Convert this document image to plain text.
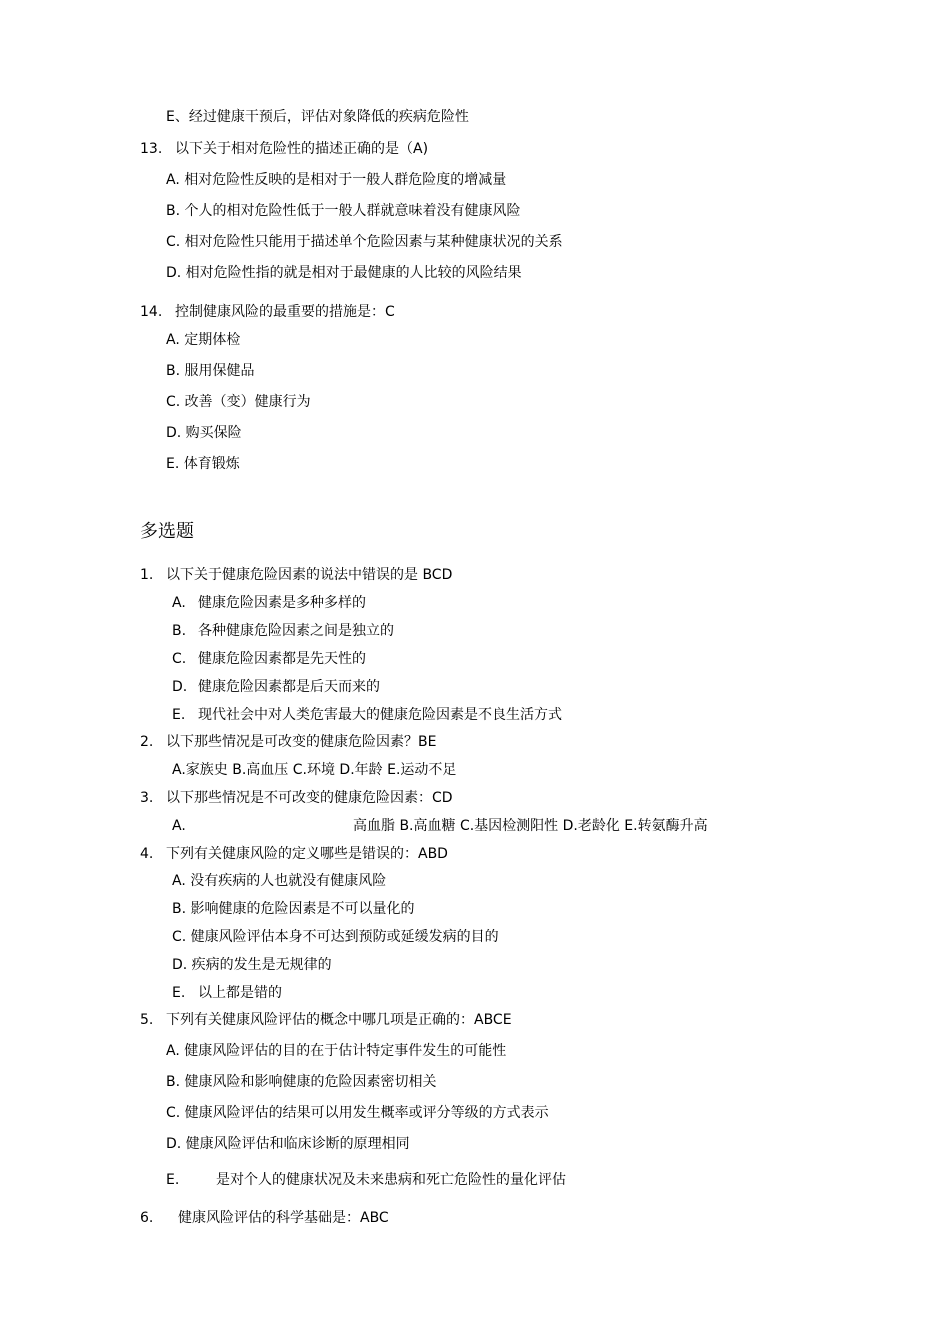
E、经过健康干预后，评估对象降低的疾病危险性
13. 以下关于相对危险性的描述正确的是（A)
A. 相对危险性反映的是相对于一般人群危险度的增减量
B. 个人的相对危险性低于一般人群就意味着没有健康风险
C. 相对危险性只能用于描述单个危险因素与某种健康状况的关系
D. 相对危险性指的就是相对于最健康的人比较的风险结果
14. 控制健康风险的最重要的措施是：C
A. 定期体检
B. 服用保健品
C. 改善（变）健康行为
D. 购买保险
E. 体育锻炼
多选题
1. 以下关于健康危险因素的说法中错误的是 BCD
A. 健康危险因素是多种多样的
B. 各种健康危险因素之间是独立的
C. 健康危险因素都是先天性的
D. 健康危险因素都是后天而来的
E. 现代社会中对人类危害最大的健康危险因素是不良生活方式
2. 以下那些情况是可改变的健康危险因素？BE
A.家族史 B.高血压 C.环境 D.年龄 E.运动不足
3. 以下那些情况是不可改变的健康危险因素：CD
A.	高血脂 B.高血糖 C.基因检测阳性 D.老龄化 E.转氨酶升高
4. 下列有关健康风险的定义哪些是错误的：ABD
A. 没有疾病的人也就没有健康风险
B. 影响健康的危险因素是不可以量化的
C. 健康风险评估本身不可达到预防或延缓发病的目的
D. 疾病的发生是无规律的
E. 以上都是错的
5. 下列有关健康风险评估的概念中哪几项是正确的：ABCE
A. 健康风险评估的目的在于估计特定事件发生的可能性
B. 健康风险和影响健康的危险因素密切相关
C. 健康风险评估的结果可以用发生概率或评分等级的方式表示
D. 健康风险评估和临床诊断的原理相同
E.	是对个人的健康状况及未来患病和死亡危险性的量化评估
6. 健康风险评估的科学基础是：ABC
